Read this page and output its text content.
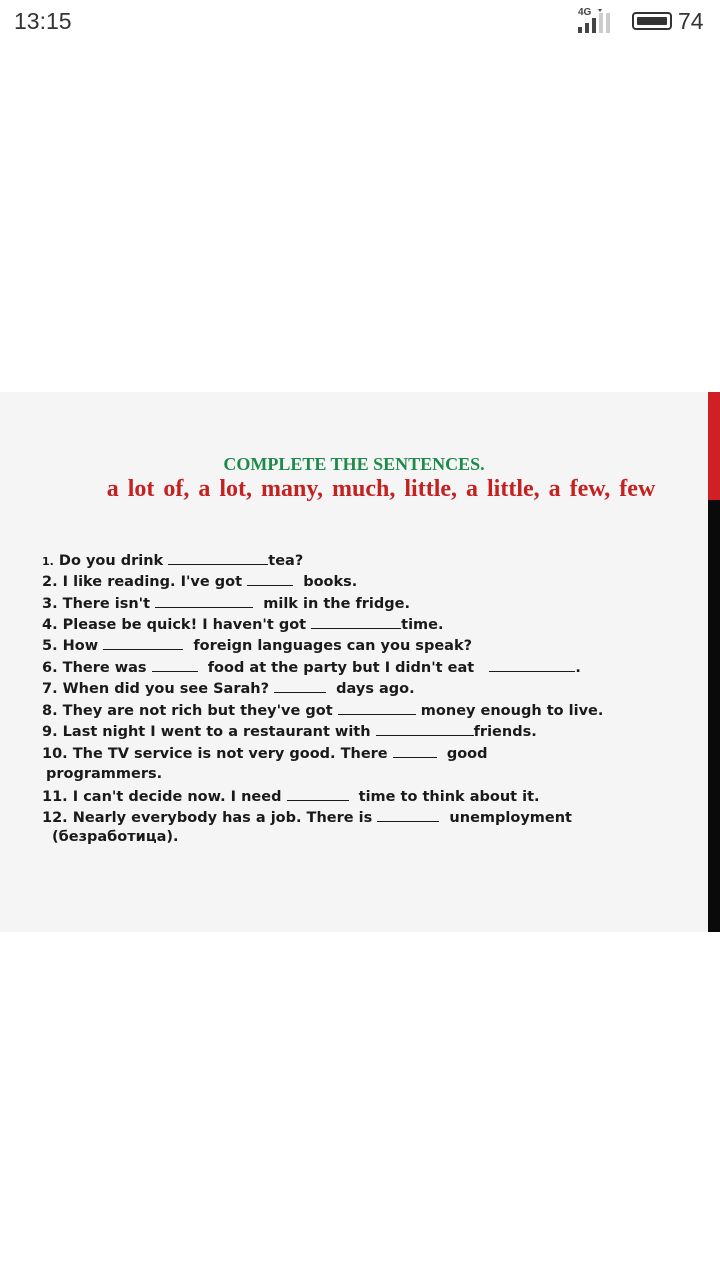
13:15	4G	74
COMPLETE THE SENTENCES.
a lot of, a lot, many, much, little, a little, a few, few
1. Do you drink	tea?
2. I like reading. I've got	books.
3. There isn't	milk in the fridge.
4. Please be quick! I haven't got	time.
5. How	foreign languages can you speak?
6. There was	food at the party but I didn't eat	.
7. When did you see Sarah?	days ago.
8. They are not rich but they've got	money enough to live.
9. Last night I went to a restaurant with	friends.
10. The TV service is not very good. There	good
programmers.
11. I can't decide now. I need	time to think about it.
12. Nearly everybody has a job. There is	unemployment
(безработица).
